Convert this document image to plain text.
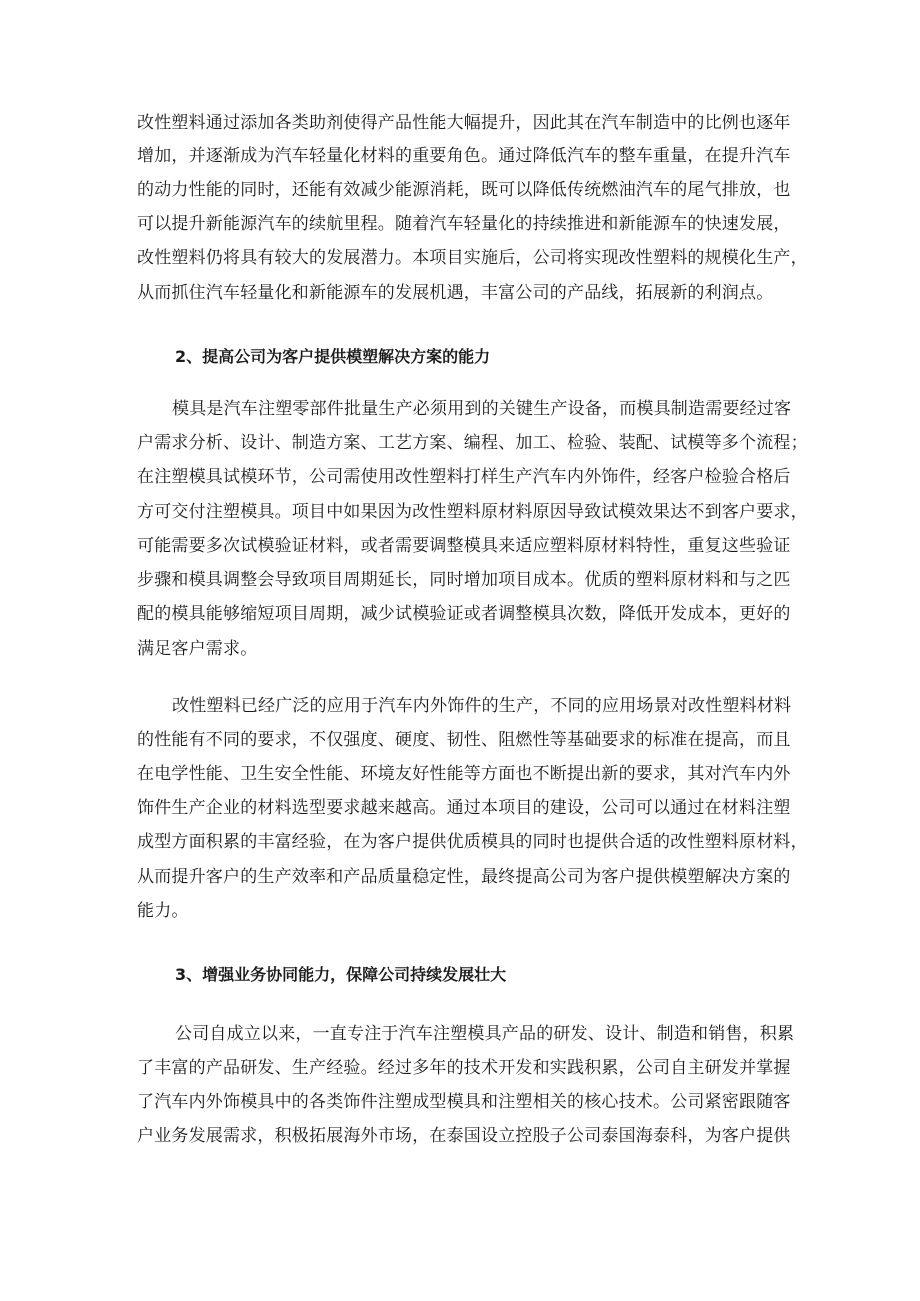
改性塑料通过添加各类助剂使得产品性能大幅提升，因此其在汽车制造中的比例也逐年
增加，并逐渐成为汽车轻量化材料的重要角色。通过降低汽车的整车重量，在提升汽车
的动力性能的同时，还能有效减少能源消耗，既可以降低传统燃油汽车的尾气排放，也
可以提升新能源汽车的续航里程。随着汽车轻量化的持续推进和新能源车的快速发展，
改性塑料仍将具有较大的发展潜力。本项目实施后，公司将实现改性塑料的规模化生产，
从而抓住汽车轻量化和新能源车的发展机遇，丰富公司的产品线，拓展新的利润点。
2、提高公司为客户提供模塑解决方案的能力
模具是汽车注塑零部件批量生产必须用到的关键生产设备，而模具制造需要经过客
户需求分析、设计、制造方案、工艺方案、编程、加工、检验、装配、试模等多个流程；
在注塑模具试模环节，公司需使用改性塑料打样生产汽车内外饰件，经客户检验合格后
方可交付注塑模具。项目中如果因为改性塑料原材料原因导致试模效果达不到客户要求，
可能需要多次试模验证材料，或者需要调整模具来适应塑料原材料特性，重复这些验证
步骤和模具调整会导致项目周期延长，同时增加项目成本。优质的塑料原材料和与之匹
配的模具能够缩短项目周期，减少试模验证或者调整模具次数，降低开发成本，更好的
满足客户需求。
改性塑料已经广泛的应用于汽车内外饰件的生产，不同的应用场景对改性塑料材料
的性能有不同的要求，不仅强度、硬度、韧性、阻燃性等基础要求的标准在提高，而且
在电学性能、卫生安全性能、环境友好性能等方面也不断提出新的要求，其对汽车内外
饰件生产企业的材料选型要求越来越高。通过本项目的建设，公司可以通过在材料注塑
成型方面积累的丰富经验，在为客户提供优质模具的同时也提供合适的改性塑料原材料，
从而提升客户的生产效率和产品质量稳定性，最终提高公司为客户提供模塑解决方案的
能力。
3、增强业务协同能力，保障公司持续发展壮大
公司自成立以来，一直专注于汽车注塑模具产品的研发、设计、制造和销售，积累
了丰富的产品研发、生产经验。经过多年的技术开发和实践积累，公司自主研发并掌握
了汽车内外饰模具中的各类饰件注塑成型模具和注塑相关的核心技术。公司紧密跟随客
户业务发展需求，积极拓展海外市场，在泰国设立控股子公司泰国海泰科，为客户提供
